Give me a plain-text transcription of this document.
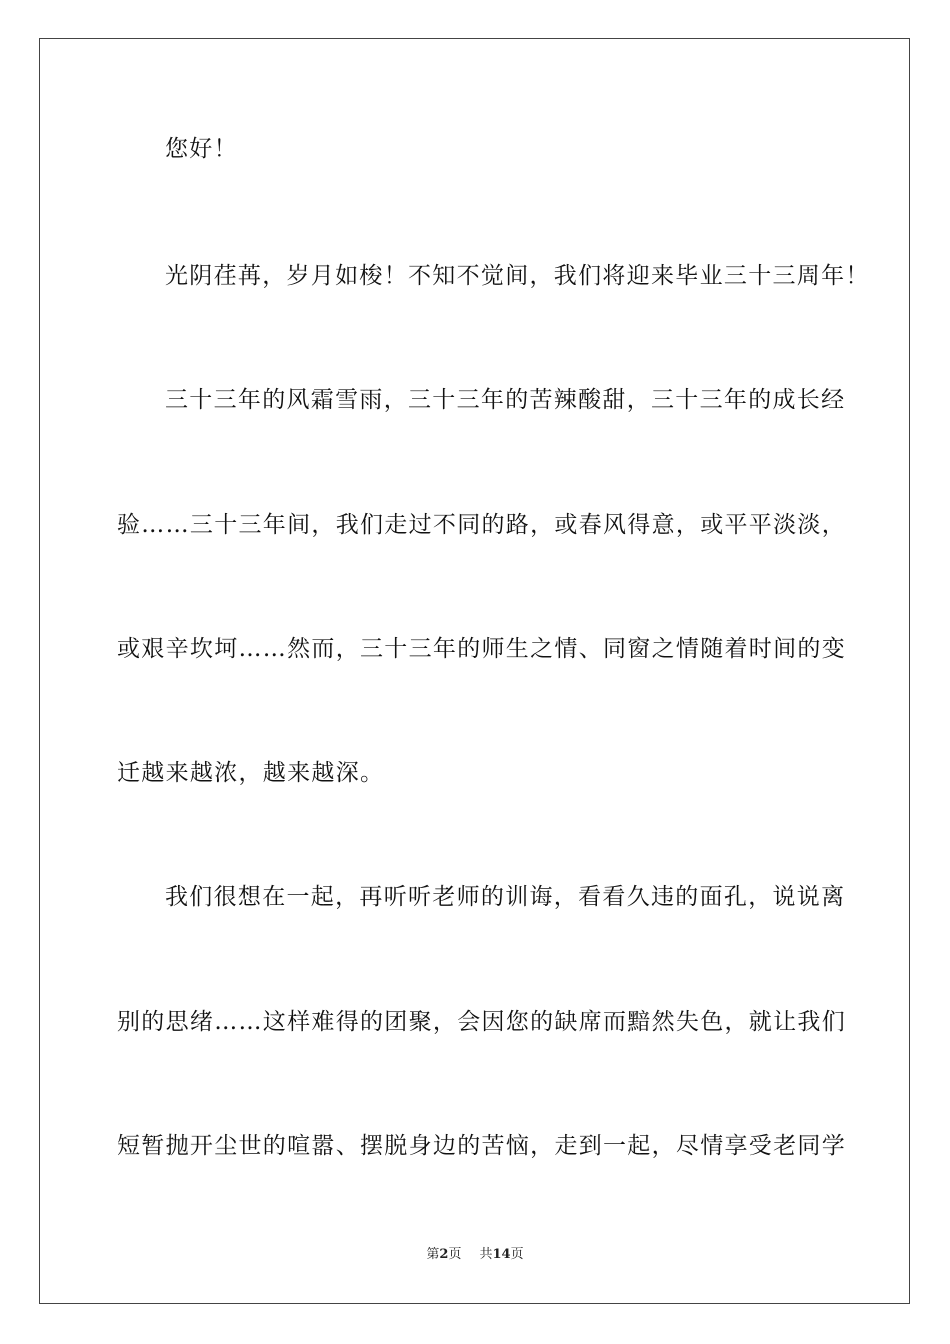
您好！

光阴荏苒，岁月如梭！不知不觉间，我们将迎来毕业三十三周年！

三十三年的风霜雪雨，三十三年的苦辣酸甜，三十三年的成长经

验……三十三年间，我们走过不同的路，或春风得意，或平平淡淡，

或艰辛坎坷……然而，三十三年的师生之情、同窗之情随着时间的变

迁越来越浓，越来越深。

我们很想在一起，再听听老师的训诲，看看久违的面孔，说说离

别的思绪……这样难得的团聚，会因您的缺席而黯然失色，就让我们

短暂抛开尘世的喧嚣、摆脱身边的苦恼，走到一起，尽情享受老同学

第2页 共14页
